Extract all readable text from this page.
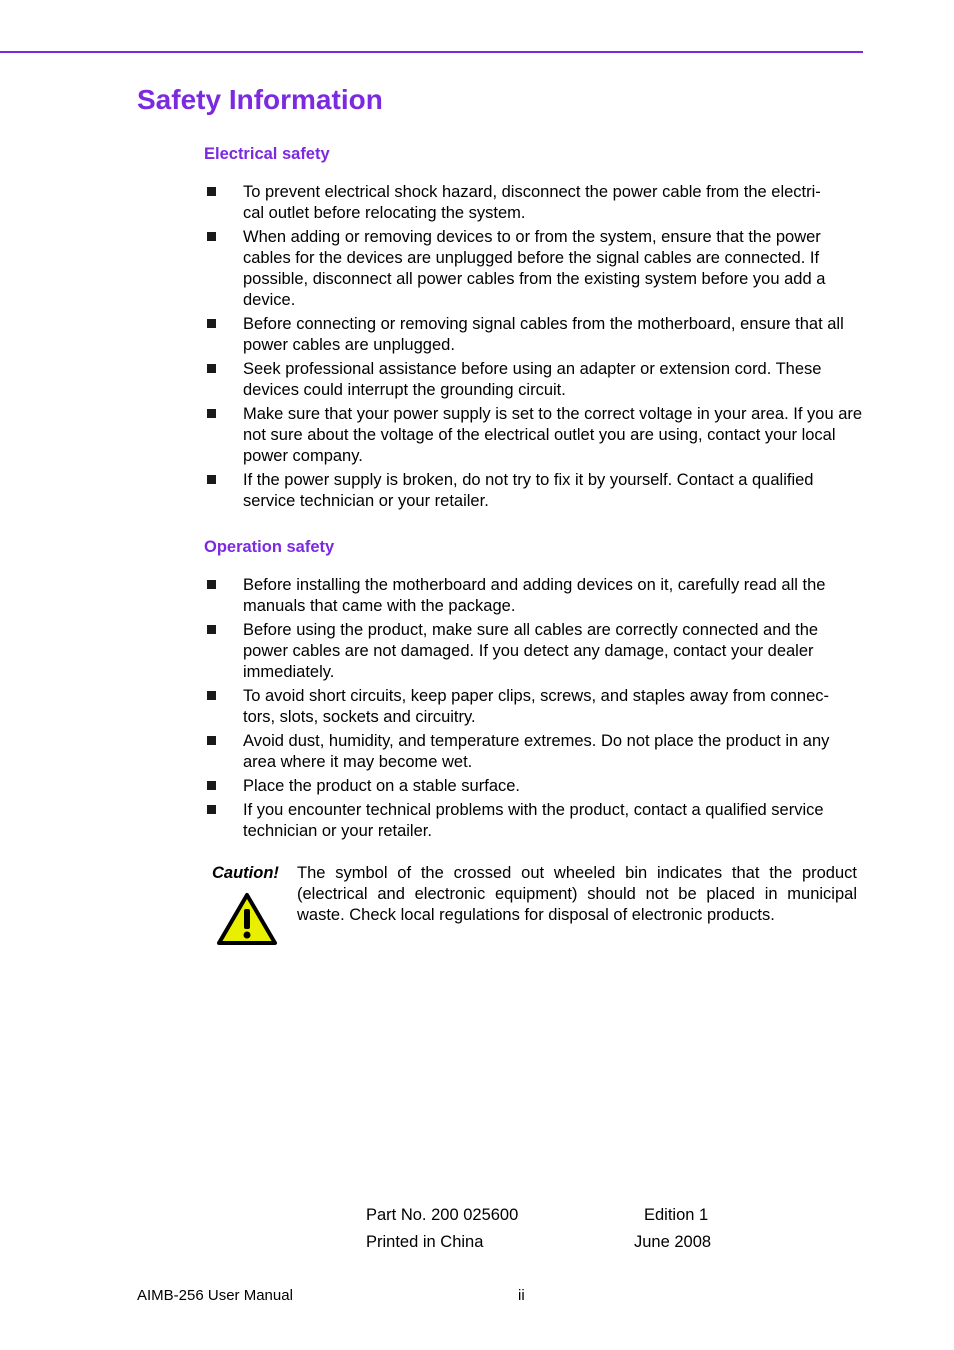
Safety Information
Electrical safety
To prevent electrical shock hazard, disconnect the power cable from the electri-
cal outlet before relocating the system.
When adding or removing devices to or from the system, ensure that the power cables for the devices are unplugged before the signal cables are connected. If possible, disconnect all power cables from the existing system before you add a device.
Before connecting or removing signal cables from the motherboard, ensure that all power cables are unplugged.
Seek professional assistance before using an adapter or extension cord. These devices could interrupt the grounding circuit.
Make sure that your power supply is set to the correct voltage in your area. If you are not sure about the voltage of the electrical outlet you are using, contact your local power company.
If the power supply is broken, do not try to fix it by yourself. Contact a qualified service technician or your retailer.
Operation safety
Before installing the motherboard and adding devices on it, carefully read all the manuals that came with the package.
Before using the product, make sure all cables are correctly connected and the power cables are not damaged. If you detect any damage, contact your dealer immediately.
To avoid short circuits, keep paper clips, screws, and staples away from connec-
tors, slots, sockets and circuitry.
Avoid dust, humidity, and temperature extremes. Do not place the product in any area where it may become wet.
Place the product on a stable surface.
If you encounter technical problems with the product, contact a qualified service technician or your retailer.
Caution! The symbol of the crossed out wheeled bin indicates that the product (electrical and electronic equipment) should not be placed in municipal waste. Check local regulations for disposal of electronic products.
Part No. 200 025600	Edition 1
Printed in China	June 2008
AIMB-256 User Manual	ii
